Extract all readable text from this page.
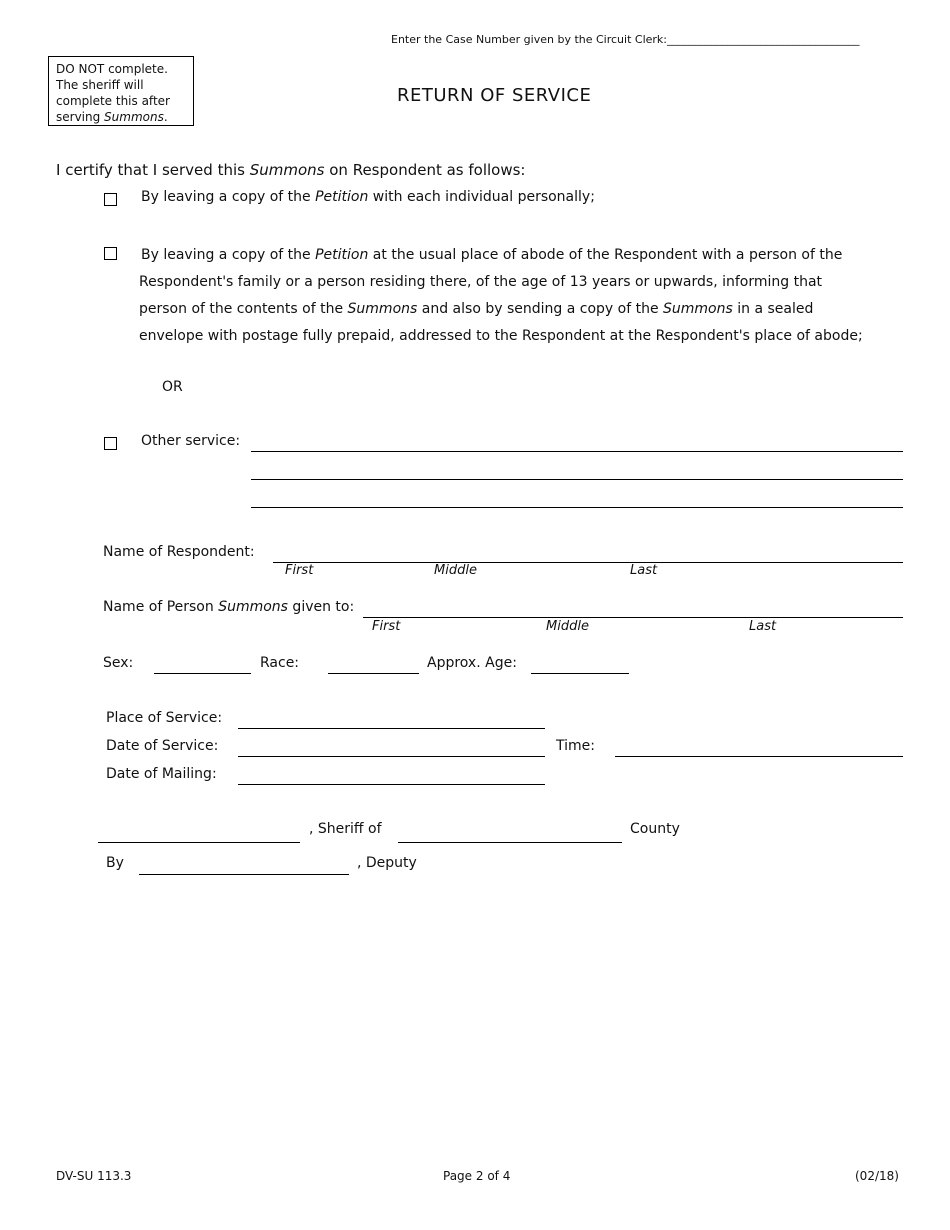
Enter the Case Number given by the Circuit Clerk:___________________________________
DO NOT complete. The sheriff will complete this after serving Summons.
RETURN OF SERVICE
I certify that I served this Summons on Respondent as follows:
By leaving a copy of the Petition with each individual personally;
By leaving a copy of the Petition at the usual place of abode of the Respondent with a person of the Respondent's family or a person residing there, of the age of 13 years or upwards, informing that person of the contents of the Summons and also by sending a copy of the Summons in a sealed envelope with postage fully prepaid, addressed to the Respondent at the Respondent's place of abode;
OR
Other service:
Name of Respondent:
First	Middle	Last
Name of Person Summons given to:
First	Middle	Last
Sex:	Race:	Approx. Age:
Place of Service:
Date of Service:	Time:
Date of Mailing:
, Sheriff of	County
By	, Deputy
DV-SU 113.3	Page 2 of 4	(02/18)
